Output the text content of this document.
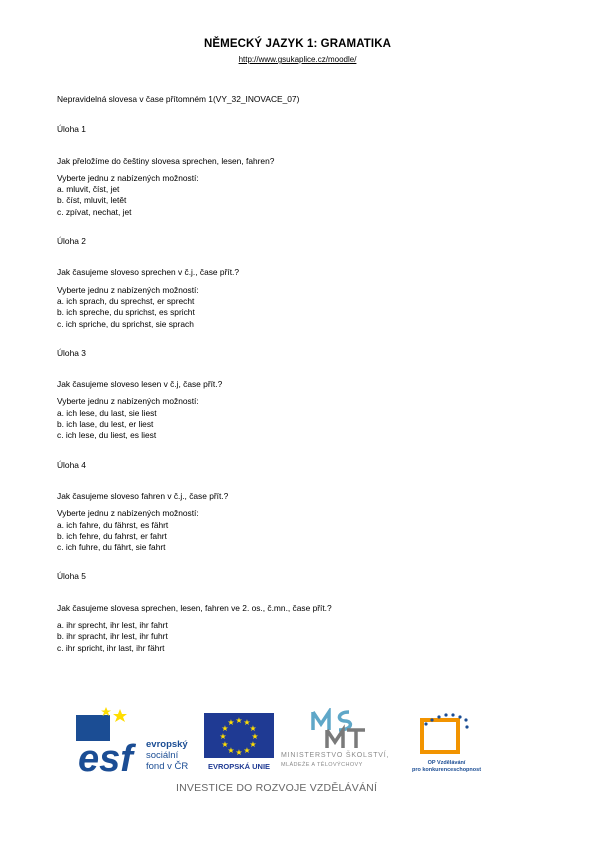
NĚMECKÝ JAZYK 1: GRAMATIKA
http://www.gsukaplice.cz/moodle/
Nepravidelná slovesa v čase přítomném 1(VY_32_INOVACE_07)
Úloha 1
Jak přeložíme do češtiny slovesa sprechen, lesen, fahren?
Vyberte jednu z nabízených možností:
a. mluvit, číst, jet
b. číst, mluvit, letět
c. zpívat, nechat, jet
Úloha 2
Jak časujeme sloveso sprechen v č.j., čase přít.?
Vyberte jednu z nabízených možností:
a. ich sprach, du sprechst, er sprecht
b. ich spreche, du sprichst, es spricht
c. ich spriche, du sprichst, sie sprach
Úloha 3
Jak časujeme sloveso lesen v č.j, čase přít.?
Vyberte jednu z nabízených možností:
a. ich lese, du last, sie liest
b. ich lase, du lest, er liest
c. ich lese, du liest, es liest
Úloha 4
Jak časujeme sloveso fahren v č.j., čase přít.?
Vyberte jednu z nabízených možností:
a. ich fahre, du fährst, es fährt
b. ich fehre, du fahrst, er fahrt
c. ich fuhre, du fährt, sie fahrt
Úloha 5
Jak časujeme slovesa sprechen, lesen, fahren ve 2. os., č.mn., čase přít.?
a. ihr sprecht, ihr lest, ihr fahrt
b. ihr spracht, ihr lest, ihr fuhrt
c. ihr spricht, ihr last, ihr fährt
esf	evropský
sociální
fond v ČR
★ ★
★
★
★
★
★
★
★
★
★
★
EVROPSKÁ UNIE
MINISTERSTVO ŠKOLSTVÍ,
MLÁDEŽE A TĚLOVÝCHOVY	OP Vzdělávání
pro konkurenceschopnost
INVESTICE DO ROZVOJE VZDĚLÁVÁNÍ
